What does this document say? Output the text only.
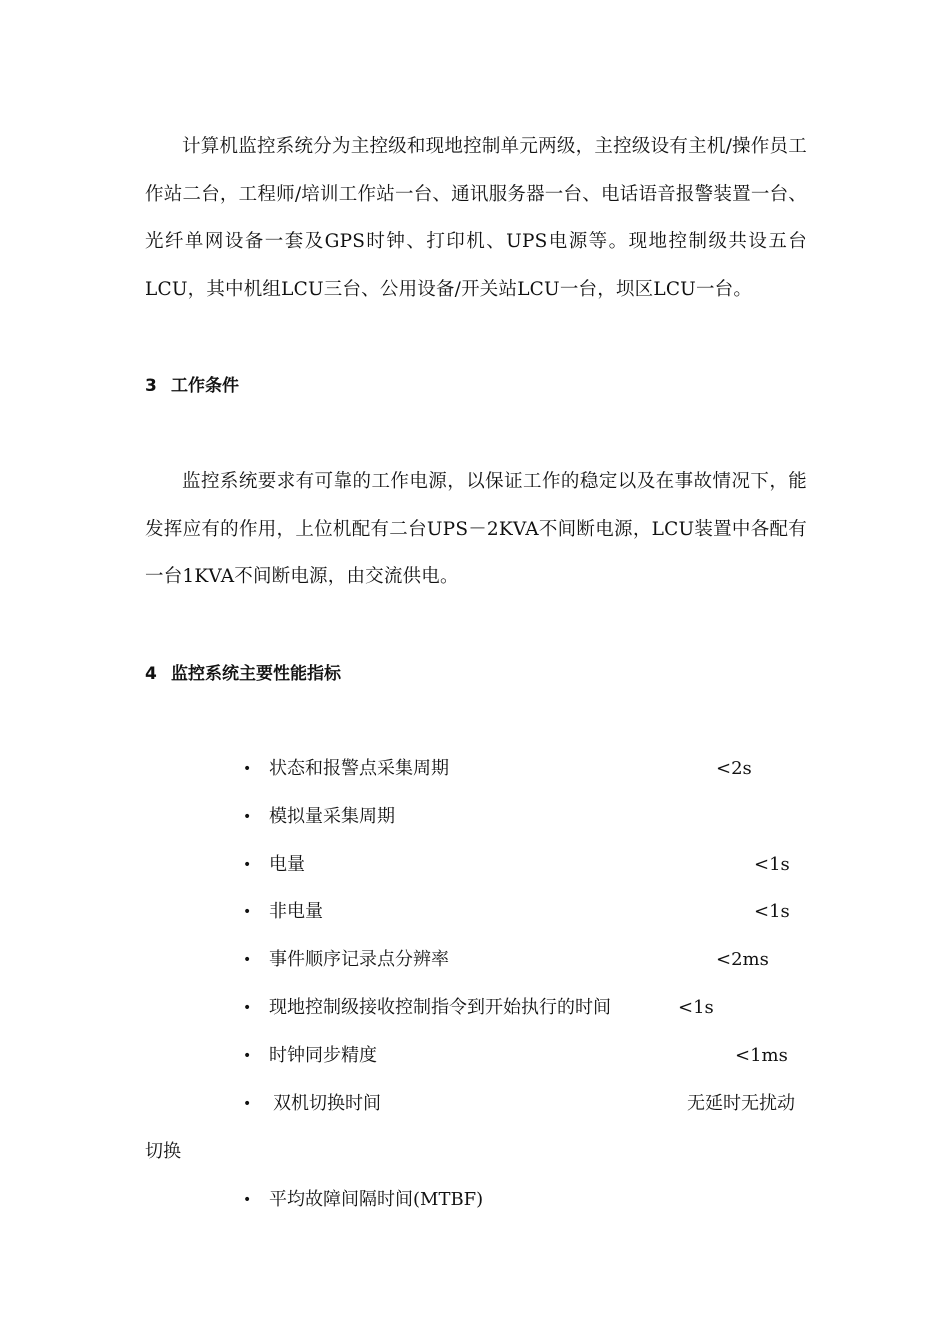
计算机监控系统分为主控级和现地控制单元两级，主控级设有主机/操作员工作站二台，工程师/培训工作站一台、通讯服务器一台、电话语音报警装置一台、光纤单网设备一套及GPS时钟、打印机、UPS电源等。现地控制级共设五台LCU，其中机组LCU三台、公用设备/开关站LCU一台，坝区LCU一台。

3 工作条件

监控系统要求有可靠的工作电源，以保证工作的稳定以及在事故情况下，能发挥应有的作用，上位机配有二台UPS－2KVA不间断电源，LCU装置中各配有一台1KVA不间断电源，由交流供电。

4 监控系统主要性能指标
• 状态和报警点采集周期	<2s
• 模拟量采集周期
• 电量	<1s
• 非电量	<1s
• 事件顺序记录点分辨率	<2ms
• 现地控制级接收控制指令到开始执行的时间	<1s
• 时钟同步精度	<1ms
•	双机切换时间	无延时无扰动
切换
• 平均故障间隔时间(MTBF)
